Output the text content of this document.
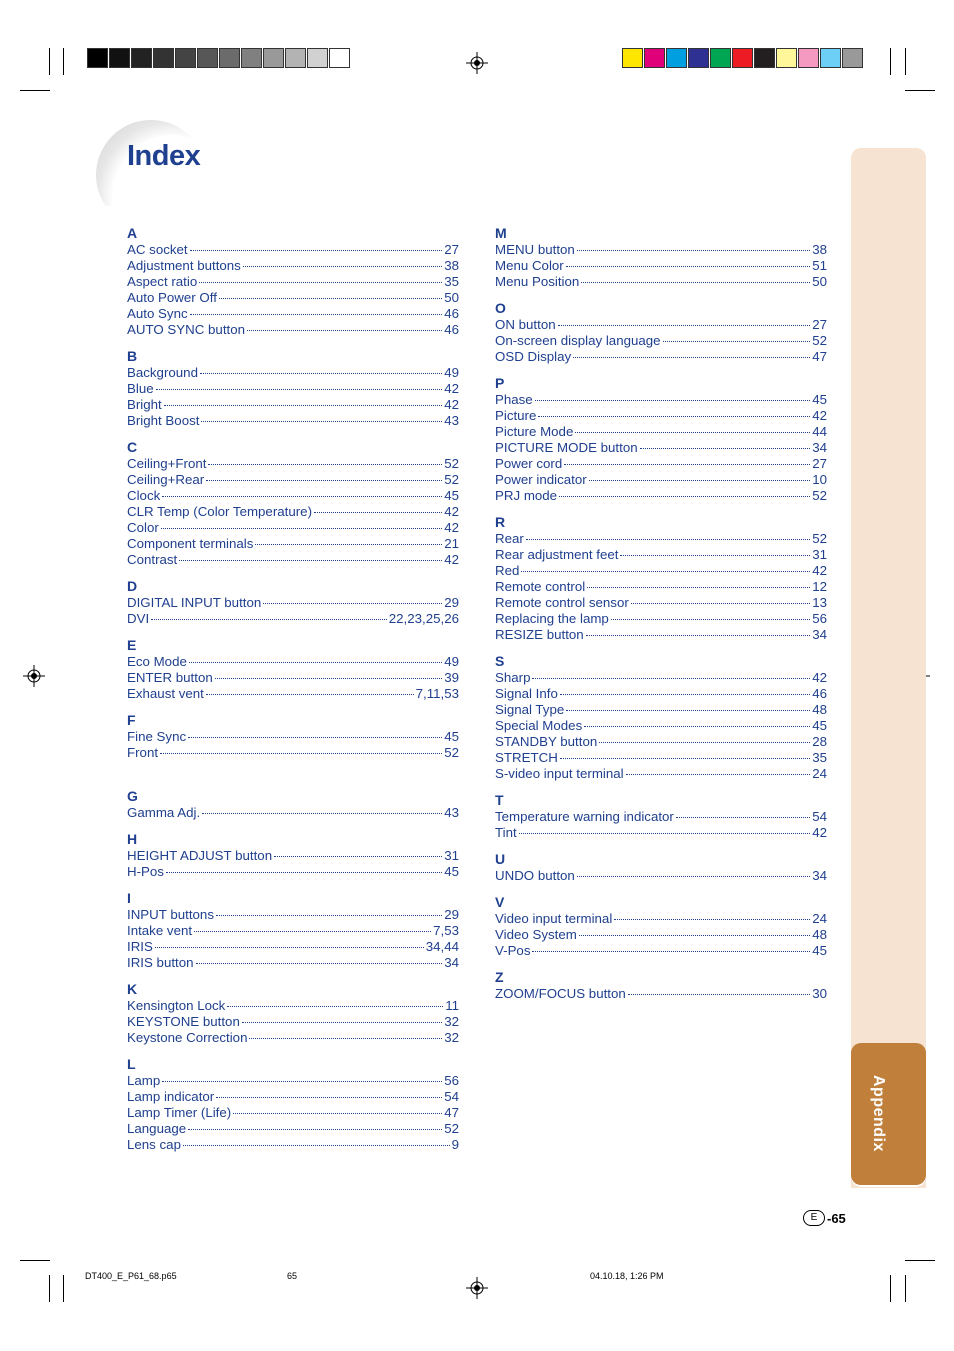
Index
Appendix
A
AC socket	27
Adjustment buttons	38
Aspect ratio	35
Auto Power Off	50
Auto Sync	46
AUTO SYNC button	46
B
Background	49
Blue	42
Bright	42
Bright Boost	43
C
Ceiling+Front	52
Ceiling+Rear	52
Clock	45
CLR Temp (Color Temperature)	42
Color	42
Component terminals	21
Contrast	42
D
DIGITAL INPUT button	29
DVI	22,23,25,26
E
Eco Mode	49
ENTER button	39
Exhaust vent	7,11,53
F
Fine Sync	45
Front	52
G
Gamma Adj.	43
H
HEIGHT ADJUST button	31
H-Pos	45
I
INPUT buttons	29
Intake vent	7,53
IRIS	34,44
IRIS button	34
K
Kensington Lock	11
KEYSTONE button	32
Keystone Correction	32
L
Lamp	56
Lamp indicator	54
Lamp Timer (Life)	47
Language	52
Lens cap	9
M
MENU button	38
Menu Color	51
Menu Position	50
O
ON button	27
On-screen display language	52
OSD Display	47
P
Phase	45
Picture	42
Picture Mode	44
PICTURE MODE button	34
Power cord	27
Power indicator	10
PRJ mode	52
R
Rear	52
Rear adjustment feet	31
Red	42
Remote control	12
Remote control sensor	13
Replacing the lamp	56
RESIZE button	34
S
Sharp	42
Signal Info	46
Signal Type	48
Special Modes	45
STANDBY button	28
STRETCH	35
S-video input terminal	24
T
Temperature warning indicator	54
Tint	42
U
UNDO button	34
V
Video input terminal	24
Video System	48
V-Pos	45
Z
ZOOM/FOCUS button	30
E -65
DT400_E_P61_68.p65	65	04.10.18, 1:26 PM
